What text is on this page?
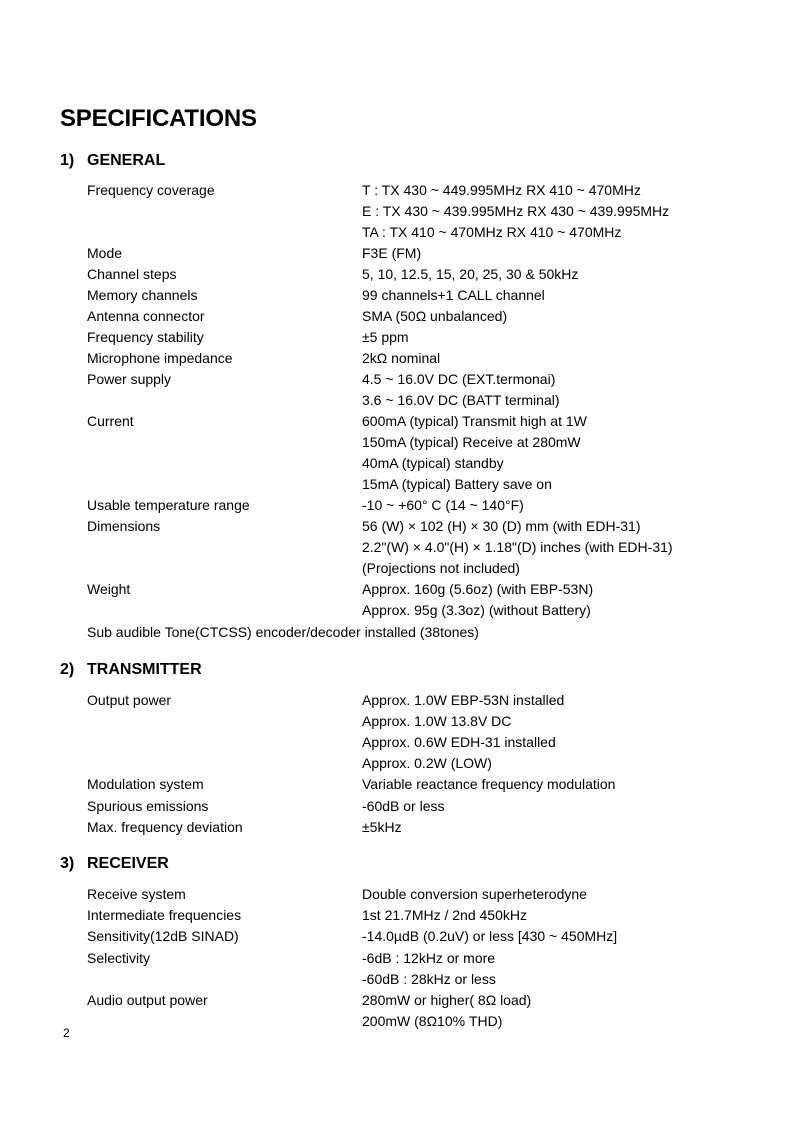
SPECIFICATIONS
1) GENERAL
Frequency coverage	T : TX 430 ~ 449.995MHz RX 410 ~ 470MHz
E : TX 430 ~ 439.995MHz RX 430 ~ 439.995MHz
TA : TX 410 ~ 470MHz RX 410 ~ 470MHz
Mode	F3E (FM)
Channel steps	5, 10, 12.5, 15, 20, 25, 30 & 50kHz
Memory channels	99 channels+1 CALL channel
Antenna connector	SMA (50Ω unbalanced)
Frequency stability	±5 ppm
Microphone impedance	2kΩ nominal
Power supply	4.5 ~ 16.0V DC (EXT.termonai)
3.6 ~ 16.0V DC (BATT terminal)
Current	600mA (typical) Transmit high at 1W
150mA (typical) Receive at 280mW
40mA (typical) standby
15mA (typical) Battery save on
Usable temperature range	-10 ~ +60° C (14 ~ 140°F)
Dimensions	56 (W) × 102 (H) × 30 (D) mm (with EDH-31)
2.2"(W) × 4.0"(H) × 1.18"(D) inches (with EDH-31)
(Projections not included)
Weight	Approx. 160g (5.6oz) (with EBP-53N)
Approx. 95g (3.3oz) (without Battery)
Sub audible Tone(CTCSS) encoder/decoder installed (38tones)
2) TRANSMITTER
Output power	Approx. 1.0W EBP-53N installed
Approx. 1.0W 13.8V DC
Approx. 0.6W EDH-31 installed
Approx. 0.2W (LOW)
Modulation system	Variable reactance frequency modulation
Spurious emissions	-60dB or less
Max. frequency deviation	±5kHz
3) RECEIVER
Receive system	Double conversion superheterodyne
Intermediate frequencies	1st 21.7MHz / 2nd 450kHz
Sensitivity(12dB SINAD)	-14.0µdB (0.2uV) or less [430 ~ 450MHz]
Selectivity	-6dB : 12kHz or more
-60dB : 28kHz or less
Audio output power	280mW or higher( 8Ω load)
200mW (8Ω10% THD)
2
